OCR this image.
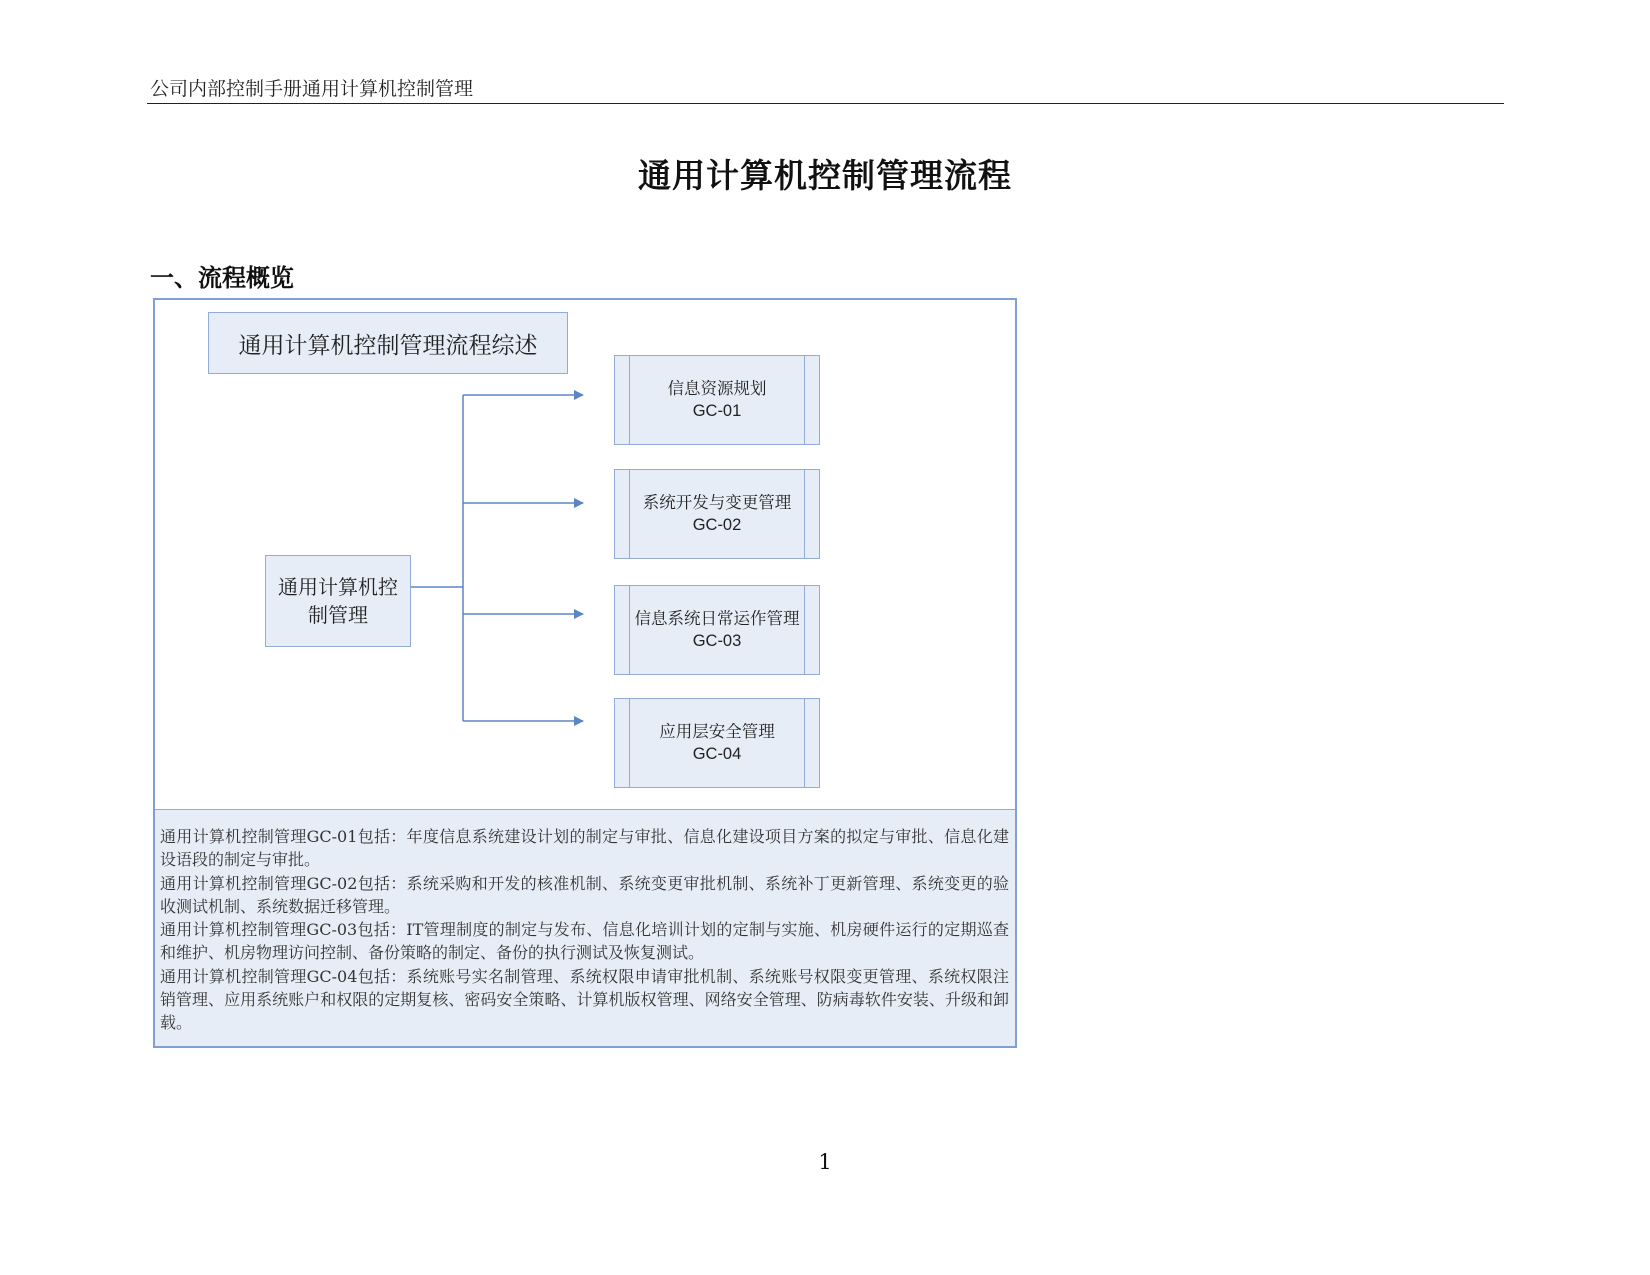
公司内部控制手册通用计算机控制管理
通用计算机控制管理流程
一、流程概览
通用计算机控制管理流程综述
通用计算机控制管理
信息资源规划
GC-01
系统开发与变更管理
GC-02
信息系统日常运作管理
GC-03
应用层安全管理
GC-04
通用计算机控制管理GC-01包括：年度信息系统建设计划的制定与审批、信息化建设项目方案的拟定与审批、信息化建设语段的制定与审批。
通用计算机控制管理GC-02包括：系统采购和开发的核准机制、系统变更审批机制、系统补丁更新管理、系统变更的验收测试机制、系统数据迁移管理。
通用计算机控制管理GC-03包括：IT管理制度的制定与发布、信息化培训计划的定制与实施、机房硬件运行的定期巡查和维护、机房物理访问控制、备份策略的制定、备份的执行测试及恢复测试。
通用计算机控制管理GC-04包括：系统账号实名制管理、系统权限申请审批机制、系统账号权限变更管理、系统权限注销管理、应用系统账户和权限的定期复核、密码安全策略、计算机版权管理、网络安全管理、防病毒软件安装、升级和卸载。
1
